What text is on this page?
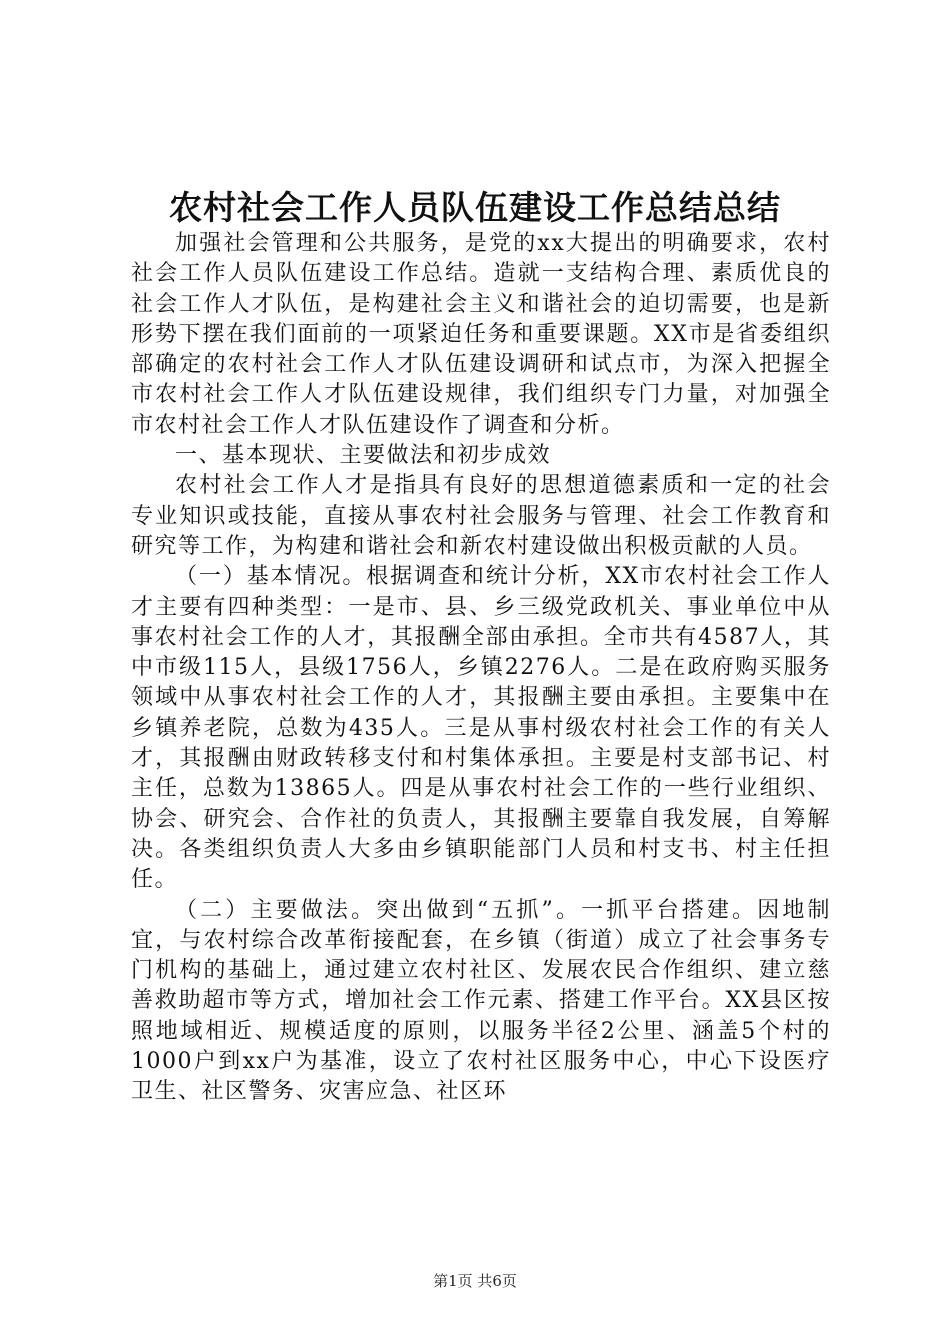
农村社会工作人员队伍建设工作总结总结

加强社会管理和公共服务，是党的xx大提出的明确要求，农村社会工作人员队伍建设工作总结。造就一支结构合理、素质优良的社会工作人才队伍，是构建社会主义和谐社会的迫切需要，也是新形势下摆在我们面前的一项紧迫任务和重要课题。XX市是省委组织部确定的农村社会工作人才队伍建设调研和试点市，为深入把握全市农村社会工作人才队伍建设规律，我们组织专门力量，对加强全市农村社会工作人才队伍建设作了调查和分析。

一、基本现状、主要做法和初步成效

农村社会工作人才是指具有良好的思想道德素质和一定的社会专业知识或技能，直接从事农村社会服务与管理、社会工作教育和研究等工作，为构建和谐社会和新农村建设做出积极贡献的人员。

（一）基本情况。根据调查和统计分析，XX市农村社会工作人才主要有四种类型：一是市、县、乡三级党政机关、事业单位中从事农村社会工作的人才，其报酬全部由承担。全市共有4587人，其中市级115人，县级1756人，乡镇2276人。二是在政府购买服务领域中从事农村社会工作的人才，其报酬主要由承担。主要集中在乡镇养老院，总数为435人。三是从事村级农村社会工作的有关人才，其报酬由财政转移支付和村集体承担。主要是村支部书记、村主任，总数为13865人。四是从事农村社会工作的一些行业组织、协会、研究会、合作社的负责人，其报酬主要靠自我发展，自筹解决。各类组织负责人大多由乡镇职能部门人员和村支书、村主任担任。

（二）主要做法。突出做到“五抓”。一抓平台搭建。因地制宜，与农村综合改革衔接配套，在乡镇（街道）成立了社会事务专门机构的基础上，通过建立农村社区、发展农民合作组织、建立慈善救助超市等方式，增加社会工作元素、搭建工作平台。XX县区按照地域相近、规模适度的原则，以服务半径2公里、涵盖5个村的1000户到xx户为基准，设立了农村社区服务中心，中心下设医疗卫生、社区警务、灾害应急、社区环

第1页 共6页
